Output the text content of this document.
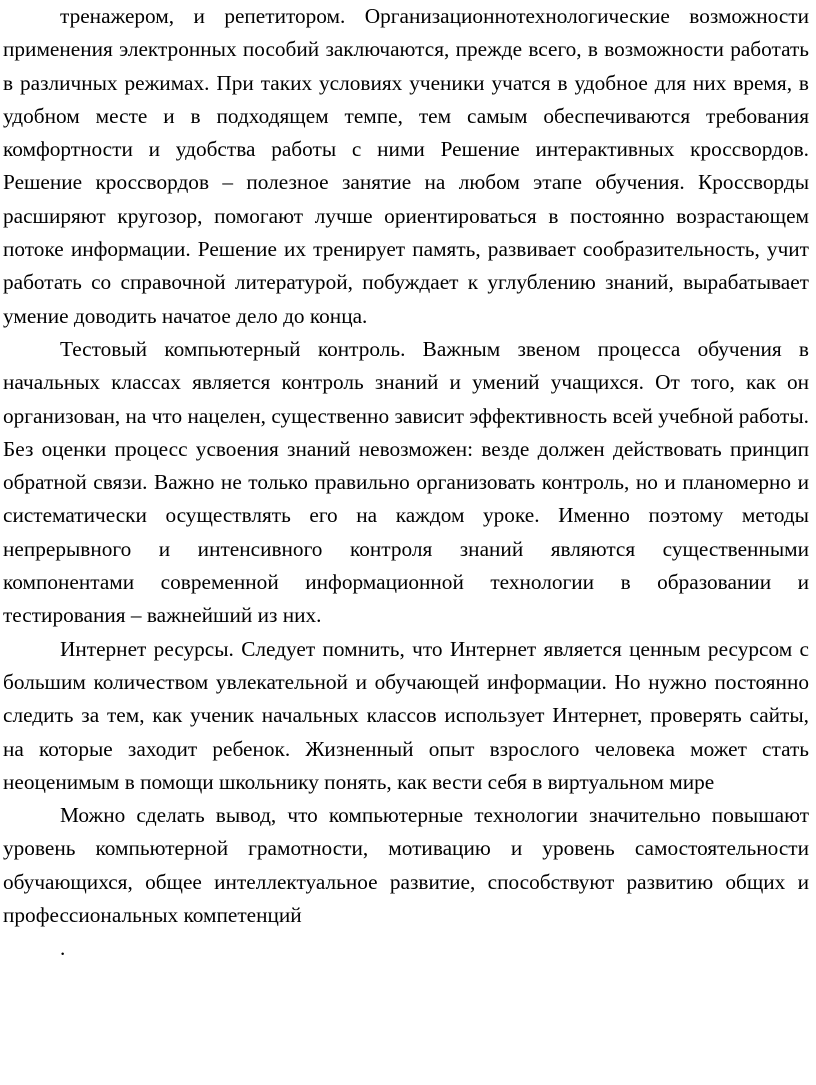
тренажером, и репетитором. Организационнотехнологические возможности применения электронных пособий заключаются, прежде всего, в возможности работать в различных режимах. При таких условиях ученики учатся в удобное для них время, в удобном месте и в подходящем темпе, тем самым обеспечиваются требования комфортности и удобства работы с ними Решение интерактивных кроссвордов. Решение кроссвордов – полезное занятие на любом этапе обучения. Кроссворды расширяют кругозор, помогают лучше ориентироваться в постоянно возрастающем потоке информации. Решение их тренирует память, развивает сообразительность, учит работать со справочной литературой, побуждает к углублению знаний, вырабатывает умение доводить начатое дело до конца.

Тестовый компьютерный контроль. Важным звеном процесса обучения в начальных классах является контроль знаний и умений учащихся. От того, как он организован, на что нацелен, существенно зависит эффективность всей учебной работы. Без оценки процесс усвоения знаний невозможен: везде должен действовать принцип обратной связи. Важно не только правильно организовать контроль, но и планомерно и систематически осуществлять его на каждом уроке. Именно поэтому методы непрерывного и интенсивного контроля знаний являются существенными компонентами современной информационной технологии в образовании и тестирования – важнейший из них.

Интернет ресурсы. Следует помнить, что Интернет является ценным ресурсом с большим количеством увлекательной и обучающей информации. Но нужно постоянно следить за тем, как ученик начальных классов использует Интернет, проверять сайты, на которые заходит ребенок. Жизненный опыт взрослого человека может стать неоценимым в помощи школьнику понять, как вести себя в виртуальном мире

Можно сделать вывод, что компьютерные технологии значительно повышают уровень компьютерной грамотности, мотивацию и уровень самостоятельности обучающихся, общее интеллектуальное развитие, способствуют развитию общих и профессиональных компетенций

.
